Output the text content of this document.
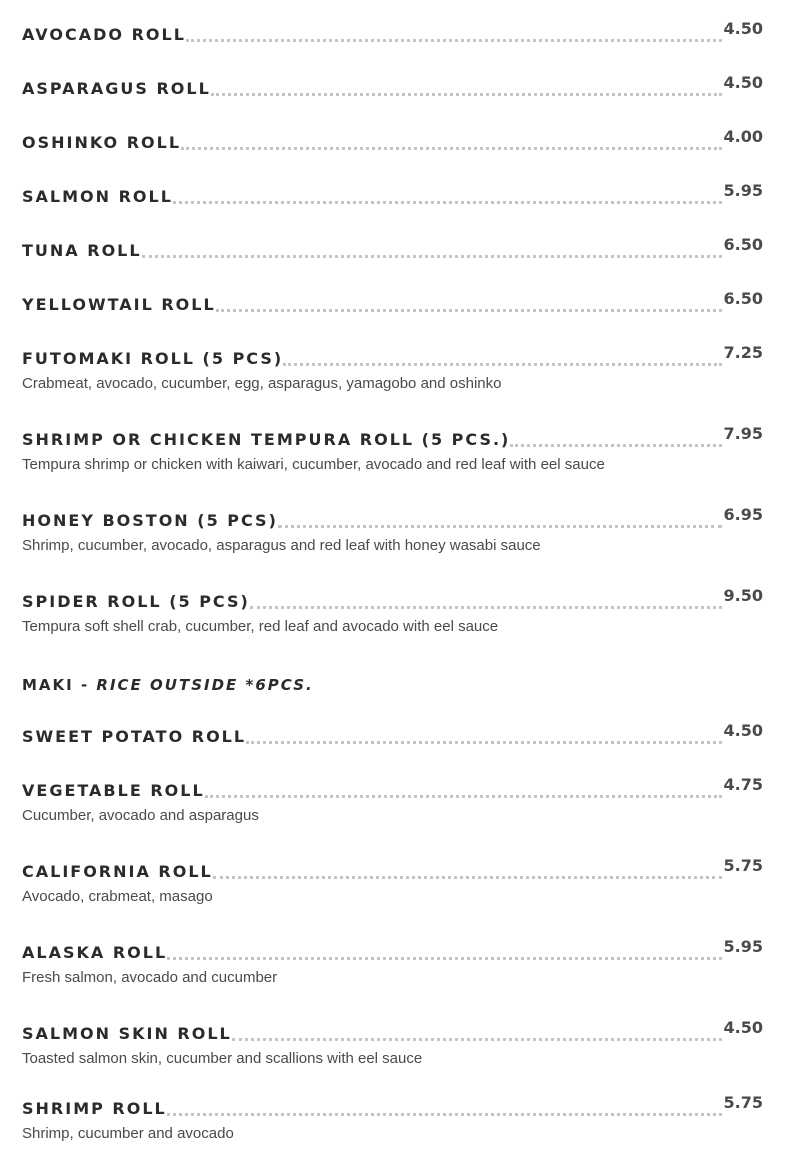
AVOCADO ROLL	4.50
ASPARAGUS ROLL	4.50
OSHINKO ROLL	4.00
SALMON ROLL	5.95
TUNA ROLL	6.50
YELLOWTAIL ROLL	6.50
FUTOMAKI ROLL (5 PCS)	7.25
Crabmeat, avocado, cucumber, egg, asparagus, yamagobo and oshinko
SHRIMP OR CHICKEN TEMPURA ROLL (5 PCS.)	7.95
Tempura shrimp or chicken with kaiwari, cucumber, avocado and red leaf with eel sauce
HONEY BOSTON (5 PCS)	6.95
Shrimp, cucumber, avocado, asparagus and red leaf with honey wasabi sauce
SPIDER ROLL (5 PCS)	9.50
Tempura soft shell crab, cucumber, red leaf and avocado with eel sauce
MAKI - RICE OUTSIDE *6PCS.
SWEET POTATO ROLL	4.50
VEGETABLE ROLL	4.75
Cucumber, avocado and asparagus
CALIFORNIA ROLL	5.75
Avocado, crabmeat, masago
ALASKA ROLL	5.95
Fresh salmon, avocado and cucumber
SALMON SKIN ROLL	4.50
Toasted salmon skin, cucumber and scallions with eel sauce
SHRIMP ROLL	5.75
Shrimp, cucumber and avocado
